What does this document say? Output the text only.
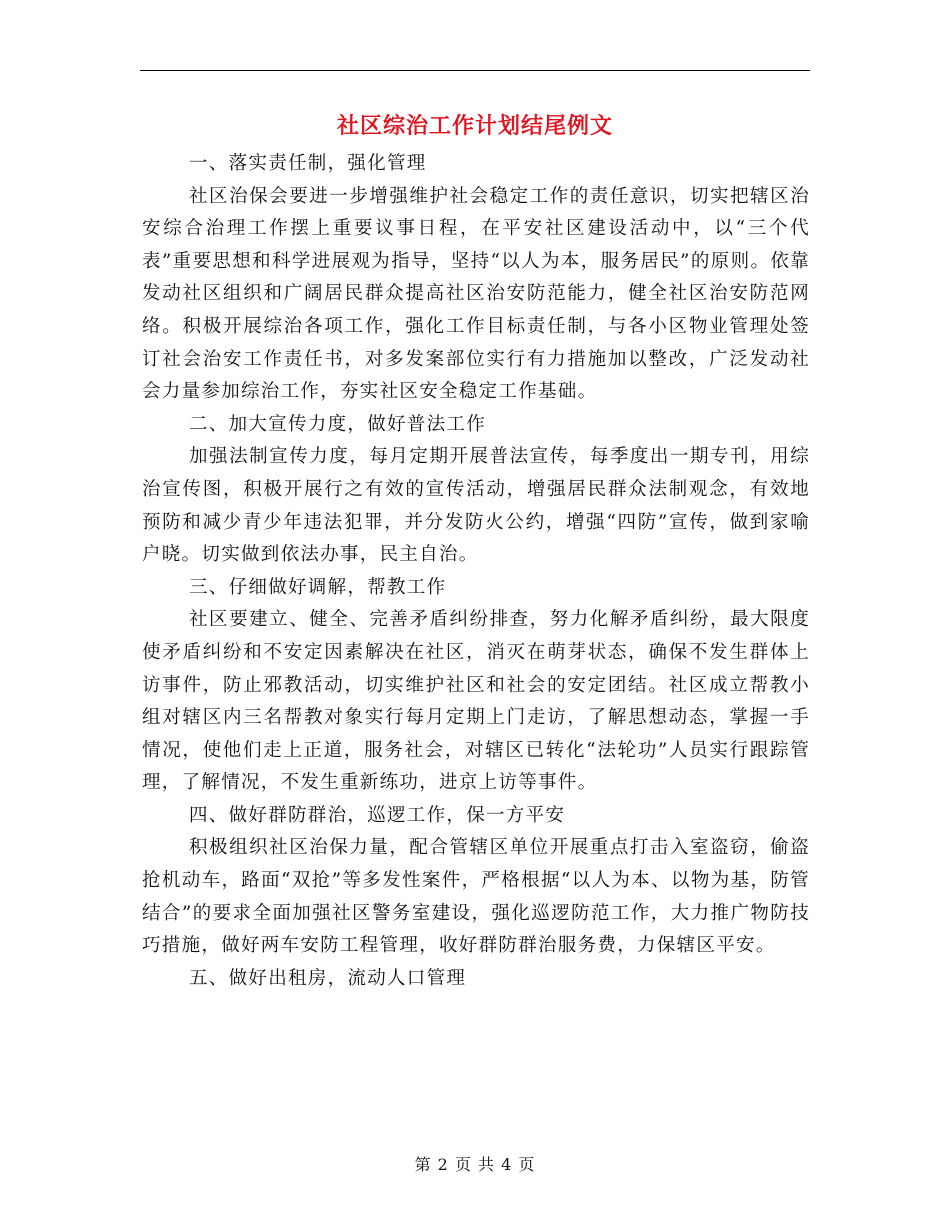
社区综治工作计划结尾例文

一、落实责任制，强化管理

社区治保会要进一步增强维护社会稳定工作的责任意识，切实把辖区治安综合治理工作摆上重要议事日程，在平安社区建设活动中，以“三个代表”重要思想和科学进展观为指导，坚持“以人为本，服务居民”的原则。依靠发动社区组织和广阔居民群众提高社区治安防范能力，健全社区治安防范网络。积极开展综治各项工作，强化工作目标责任制，与各小区物业管理处签订社会治安工作责任书，对多发案部位实行有力措施加以整改，广泛发动社会力量参加综治工作，夯实社区安全稳定工作基础。

二、加大宣传力度，做好普法工作

加强法制宣传力度，每月定期开展普法宣传，每季度出一期专刊，用综治宣传图，积极开展行之有效的宣传活动，增强居民群众法制观念，有效地预防和减少青少年违法犯罪，并分发防火公约，增强“四防”宣传，做到家喻户晓。切实做到依法办事，民主自治。

三、仔细做好调解，帮教工作

社区要建立、健全、完善矛盾纠纷排查，努力化解矛盾纠纷，最大限度使矛盾纠纷和不安定因素解决在社区，消灭在萌芽状态，确保不发生群体上访事件，防止邪教活动，切实维护社区和社会的安定团结。社区成立帮教小组对辖区内三名帮教对象实行每月定期上门走访，了解思想动态，掌握一手情况，使他们走上正道，服务社会，对辖区已转化“法轮功”人员实行跟踪管理，了解情况，不发生重新练功，进京上访等事件。

四、做好群防群治，巡逻工作，保一方平安

积极组织社区治保力量，配合管辖区单位开展重点打击入室盗窃，偷盗抢机动车，路面“双抢”等多发性案件，严格根据“以人为本、以物为基，防管结合”的要求全面加强社区警务室建设，强化巡逻防范工作，大力推广物防技巧措施，做好两车安防工程管理，收好群防群治服务费，力保辖区平安。

五、做好出租房，流动人口管理

第 2 页 共 4 页
